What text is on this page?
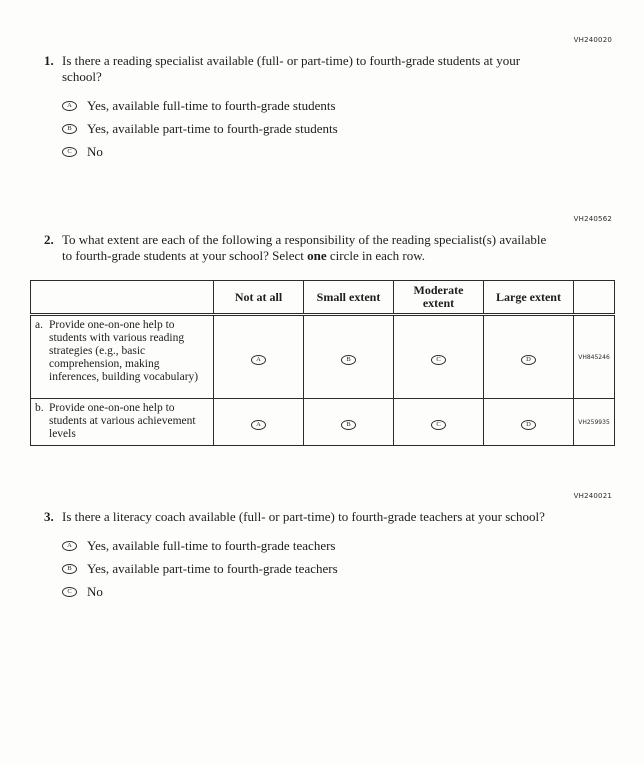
VH240020
1. Is there a reading specialist available (full- or part-time) to fourth-grade students at your school?

A Yes, available full-time to fourth-grade students
B Yes, available part-time to fourth-grade students
C No
VH240562
2. To what extent are each of the following a responsibility of the reading specialist(s) available to fourth-grade students at your school? Select one circle in each row.

	Not at all	Small extent	Moderate extent	Large extent	

a. Provide one-on-one help to students with various reading strategies (e.g., basic comprehension, making inferences, building vocabulary)	A	B	C	D	VH845246

b. Provide one-on-one help to students at various achievement levels	A	B	C	D	VH259935
VH240021
3. Is there a literacy coach available (full- or part-time) to fourth-grade teachers at your school?

A Yes, available full-time to fourth-grade teachers
B Yes, available part-time to fourth-grade teachers
C No
